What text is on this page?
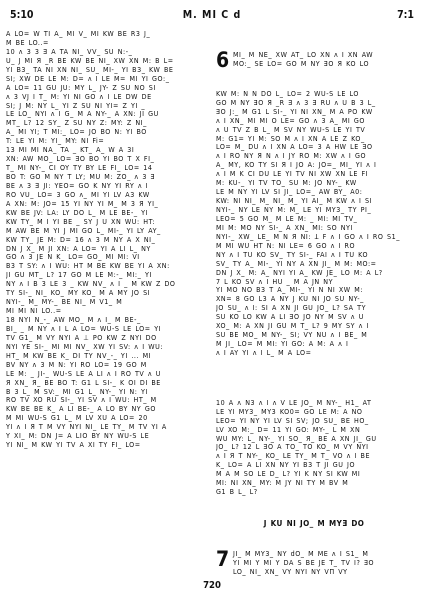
5:10	M. MI C d	7:1
A LO= W TI A_ MI V_ MI KW BE R3 J_
M BE LO..=
10 ʌ 3 3 Ǝ A TA NI_ VV_ SU N:-_
U_ J MI Я _R BE KW BE NI_ XW XN M: B L=
YI B3_ TA NI XN NI_ SU_ MI-_ YI B3_ KW BE
SI; XW DE LE M: D= ʌ I LE M= MI YI GO:_
A LO= 11 GU JU: MY L_ JY- Z SU NO SI
ʌ 3 VJ I T_ M: YI NI GO ʌ I LE DW DE
SI; J M: NY L_ YI Z SU NI YI= Z YI _
LE LO_ NYI ʌ I G_ M A NY-_ A XN: JI GU
MT_ L? 12 SY_ Z SU NY Z: MY: Z NI_
A_ MI YI; T MI:_ LO= JO BO N: YI BO
T: LE YI M: YI_ MY: NI Fi=
13 MI MI NA_ TA _ KT_ A_ W A 3I
XN: AW MO_ LO= ƎO BO YI BO T X FI_
T_ MI NY-_ CI OY TY BY LE FI_ LO= 14
BO T: GO M NY T LY; MU M: ZO_ ʌ 3 Ǝ
BE ʌ 3 Ǝ JI: YEO= GO K NY YI RY ʌ I
RO VU_ LO= 3 GO ʌ_ MI YI LV A3 KW
A XN: M: JO= 15 YI NY YI M_ M 3 Я YI_
KW BE JV: LA: LY DO L_ M LE BE-_ YI
KW TY_ M I YI BE _ SY J U XN WU: HT:
M AW BE M YI J MI GO L_ MI-_ YI LY AY_
KW TY_ JE M: D= 16 ʌ 3 M NY A X NI_
DN J X_ M JI XN: A LO= YI A LI L_ NY
GO ʌ 3 JE N K_ LO= GO_ MI MI: VI
B3 T SY: ʌ I WU: HT M BE KW BE YI A XN:
JI GU MT_ L? 17 GO M LE M:-_ MI:_ YI
NY ʌ I B 3 LE 3 _ KW NV_ ʌ I _ M KW Z DO
TY SI-_ NI_ KO_ MY KO_ M A MY JO SI
NYI-_ M_ MY-_ BE NI_ M V1_ M
MI MI NI LO..=
18 NYI N_-_ AW MO_ M ʌ I_ M BE-_
BI_ _ M NY ʌ I L A LO= WU-S LE LO= YI
TV G1_ M VY NYI A ⊥ PO KW Z NYI DO
NYI YE SI-_ MI MI NV_ XW YI SV: ʌ I WU:
HT_ M KW BE K_ DI TY NV_-_ YI ... MI
BV NY ʌ 3 M N: YI RO LO= 19 GO M
LE M: _ JI-_ WU-S LE A LI ʌ I RO TV ʌ U
Я XN_ Я_ BE BO T: G1 L SI-_ K OI DI BE
B 3 L_ M SV:_ MI G1 L_ NY-_ YI N: YI
RO TV XO RU SI-_ YI SV ʌ I WU: HT_ M
KW BE BE K_ A LI BE-_ A LO BY NY GO
M MI WU-S G1 L_ M LV XU A LO= 20
YI ʌ I Я T M VY NYI NI_ LE TY_ M TV YI A
Y XI_ M: DN J= A LIO BY NY WU-S LE
YI NI_ M KW YI TV A XI TY FI_ LO=

6

MI_ M NE_ XW AT_ LO XN ʌ I XN AW
MO:_ SE LO= GO M NY ƎO Я KO LO

KW M: N N DO L_ LO= 2 WU-S LE LO
GO M NY ƎO Я _R Ǝ ʌ 3 Ǝ RU ʌ U B 3 L_
ƎO J:_ M G1 L SI-_ YI NI XN_ M A PO KW
ʌ I XN_ MI MI O LE= GO ʌ 3 A_ MI GO
ʌ U TV Z B L_ M SV NY WU-S LE YI TV
M: G1= YI M: SO M ʌ I XN A LE Z KO_
LO= M_ DU ʌ I XN A LO= 3 A HW LE ƎO
ʌ I RO NY Я N ʌ I JY RO M: XW ʌ I GO
A_ MY, KO TY SI Я I JO A: JO=_ MI_ YI ʌ I
ʌ I M K CI DU LE YI TV NI XW XN LE FI
M: KU-_ YI TV TO_ SU M: JO NY-_ KW
LE M NY YI LV SI JI_ LO=_ AW BY_ A0:
KW: NI NI_ M_ NI_ M_ YI AI_ M KW ʌ I SI
NYI-_ NY LE NY M: M_ LE YI MY3_ TY PI_
LEO= 5 GO M_ M LE M: _ MI: MI TV_
MI M: MO NY SI-_ A XN_ MI: SO NYI
NYI-_ XW_ LE_ M N Я NI: Ʇ F ʌ I GO ʌ I RO S1_
M MI WU HT N: NI LE= 6 GO ʌ I RO
NY ʌ I TU KO SV_ TY SI-_ FAI ʌ I TU KO
SV_ TY A_ MI-_ YI NY A XN JI_ M M: MO:=
DN J X_ M: A_ NYI YI A_ KW JE_ LO M: A L?
7 L KO SV ʌ I HU _ M A JN NY
YI MO NO B3 T A_ MI-_ YI N NI XW M:
XN= 8 GO L3 A NY J KU NI JO SU NY-_
JO SU_ ʌ I: SI A XN JI GU JO_ L? SA TY
SU KO LO KW A LI ƎO JO NY M SV ʌ U
XO_ M: A XN JI GU M T_ L? 9 MY SY ʌ I
SU BE MO_ M NY-_ SI; VY NU ʌ I BE_ M
M JI_ LO= M MI: YI GO: A M: A ʌ I
ʌ I AY YI ʌ I L_ M A LO=

10 A ʌ N3 ʌ I ʌ V LE JO_ M NY-_ H1_ AT
LE YI MY3_ MY3 KO0= GO LE M: A NO
LEO= YI NY YI LV SI SV; JO SU_ BE HO_
LV XO M:_ D= 11 YI GO: MY-_ L M XN
WU MY: L_ NY-_ YI SO_ Я_ BE A XN JI_ GU
JO_ L? 12 L ƎO A TO_ TO KO_ M VY NYI
ʌ I Я T NY-_ KO_ LE TY_ M T_ VO ʌ I BE
K_ LO= A LI XN NY YI B3 T JI GU JO
M A M SO LE D_ L? YI K NY SI KW MI
MI: NI XN_ MY: M JY NI TY M BV M
G1 B L_ L?

J KU NI JO_ M MYƎ DO

7

JI_ M MY3_ NY dO_ M ME ʌ I S1_ M
YI MI Y MI Y DA S BE JE T_ TV I? ƎO
LO_ NI_ XN_ VY NYI NY VΠ VY

720
